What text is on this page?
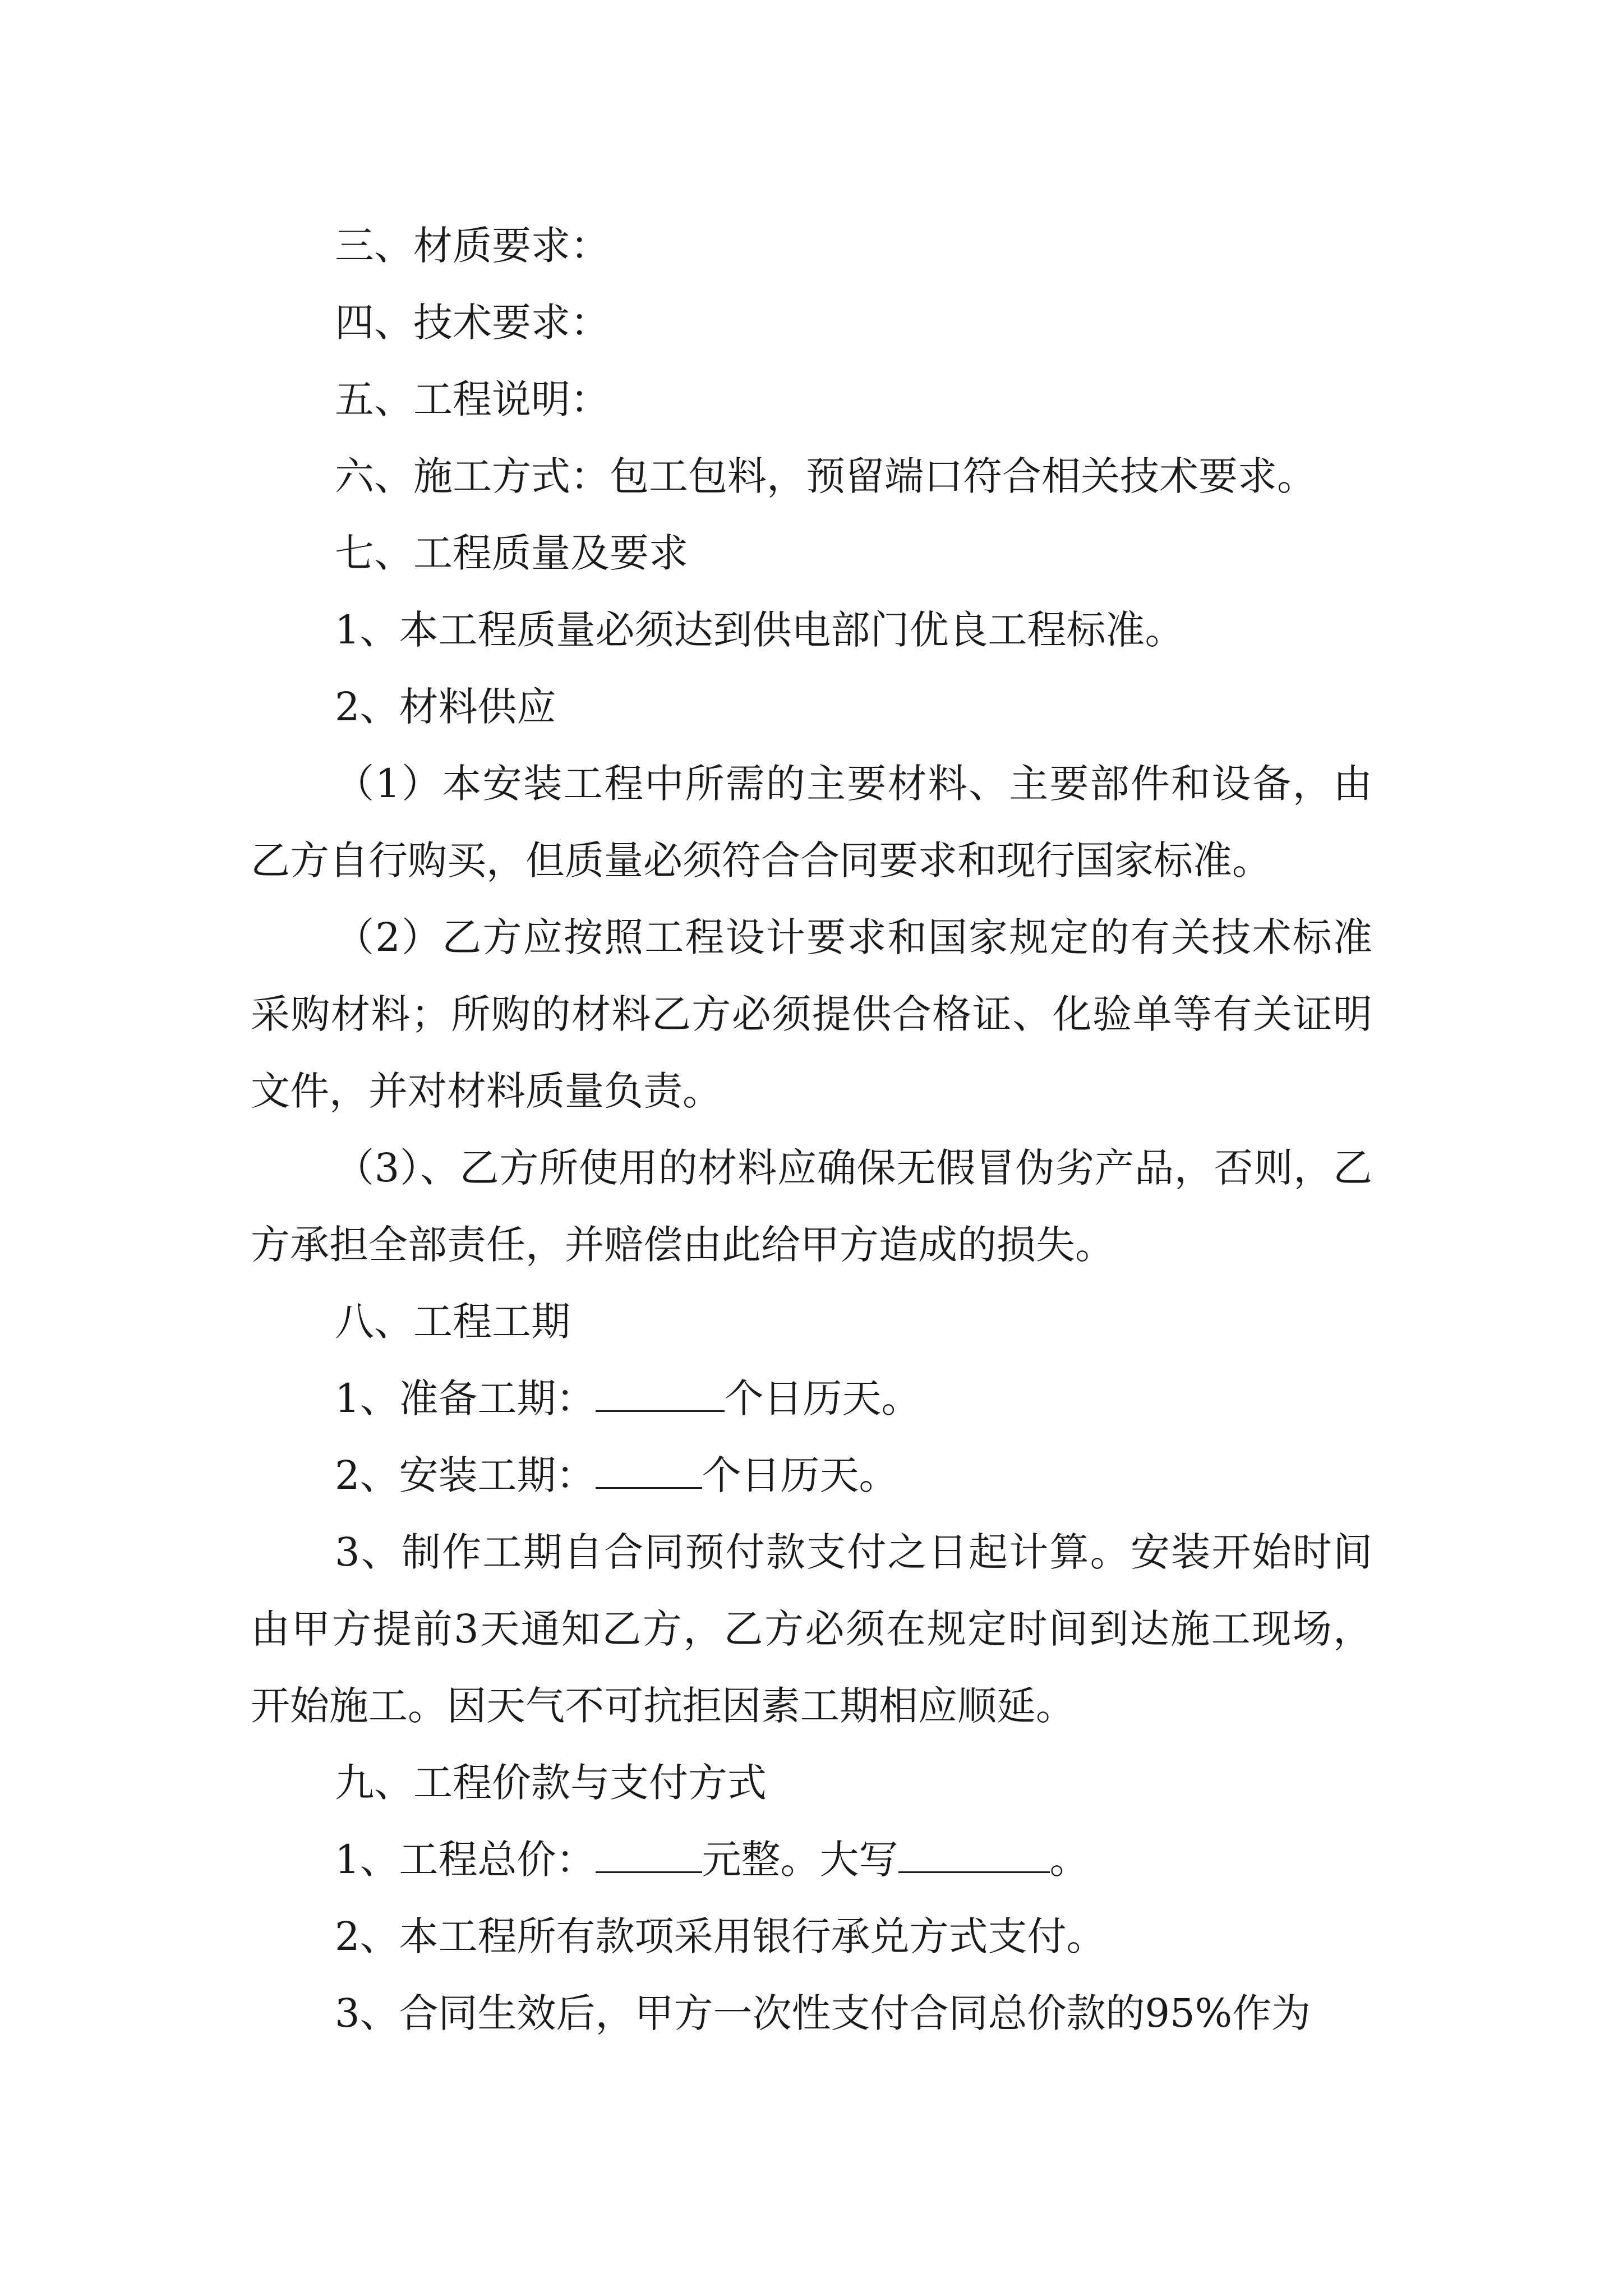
三、材质要求：

四、技术要求：

五、工程说明：

六、施工方式：包工包料，预留端口符合相关技术要求。

七、工程质量及要求

1、本工程质量必须达到供电部门优良工程标准。

2、材料供应

（1）本安装工程中所需的主要材料、主要部件和设备，由乙方自行购买，但质量必须符合合同要求和现行国家标准。

（2）乙方应按照工程设计要求和国家规定的有关技术标准采购材料；所购的材料乙方必须提供合格证、化验单等有关证明文件，并对材料质量负责。

（3）、乙方所使用的材料应确保无假冒伪劣产品，否则，乙方承担全部责任，并赔偿由此给甲方造成的损失。

八、工程工期

1、准备工期：	个日历天。

2、安装工期：	个日历天。

3、制作工期自合同预付款支付之日起计算。安装开始时间由甲方提前3天通知乙方，乙方必须在规定时间到达施工现场，开始施工。因天气不可抗拒因素工期相应顺延。

九、工程价款与支付方式

1、工程总价：	元整。大写	。

2、本工程所有款项采用银行承兑方式支付。

3、合同生效后，甲方一次性支付合同总价款的95%作为
